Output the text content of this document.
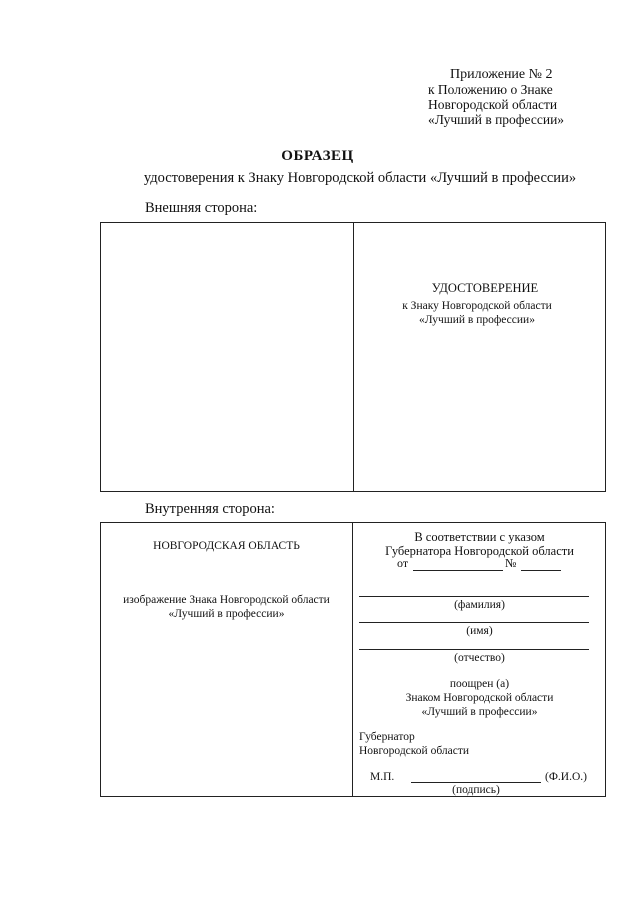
Приложение № 2
к Положению о Знаке
Новгородской области
«Лучший в профессии»
ОБРАЗЕЦ
удостоверения к Знаку Новгородской области «Лучший в профессии»
Внешняя сторона:
УДОСТОВЕРЕНИЕ
к Знаку Новгородской области
«Лучший в профессии»
Внутренняя сторона:
НОВГОРОДСКАЯ ОБЛАСТЬ
изображение Знака Новгородской области
«Лучший в профессии»
В соответствии с указом
Губернатора Новгородской области
от	№
(фамилия)
(имя)
(отчество)
поощрен (а)
Знаком Новгородской области
«Лучший в профессии»
Губернатор
Новгородской области
М.П.	(Ф.И.О.)
(подпись)
